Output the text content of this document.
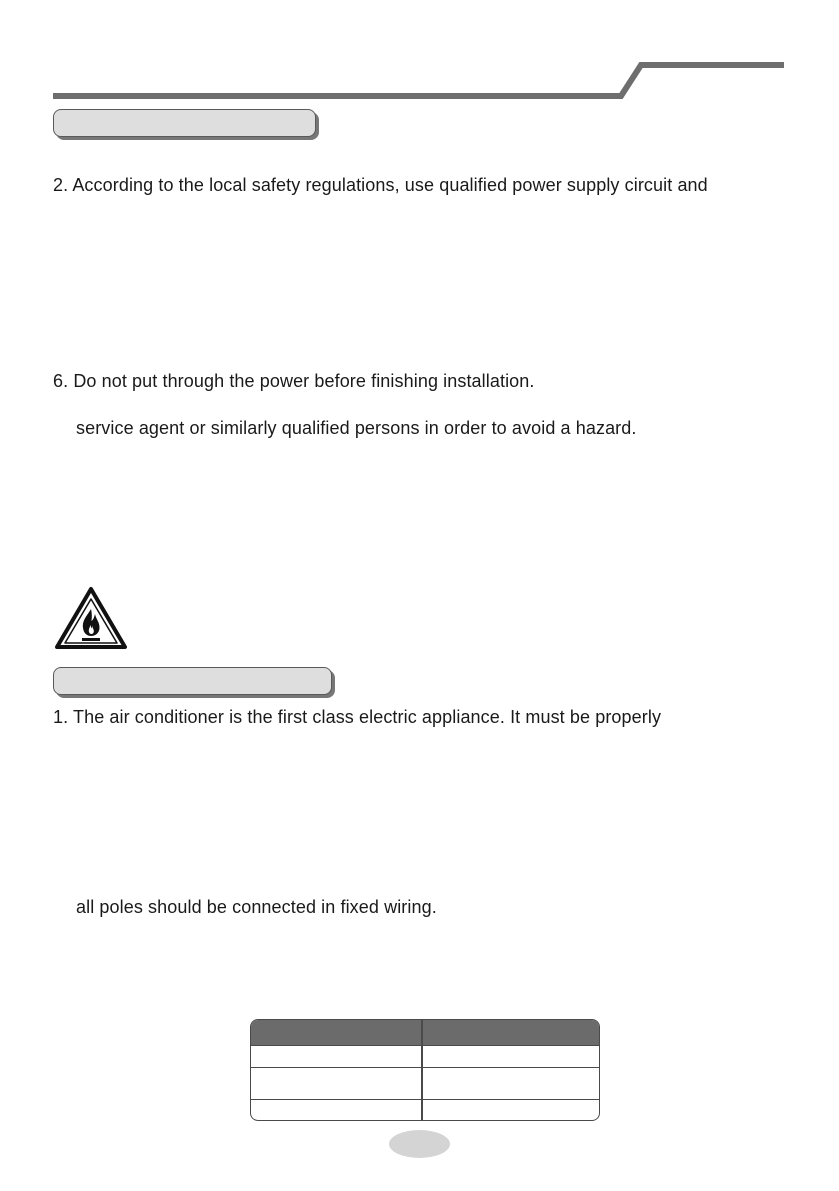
2. According to the local safety regulations, use qualified power supply circuit and
6. Do not put through the power before finishing installation.
service agent or similarly qualified persons in order to avoid a hazard.
1. The air conditioner is the first class electric appliance. It must be properly
all poles should be connected in fixed wiring.
